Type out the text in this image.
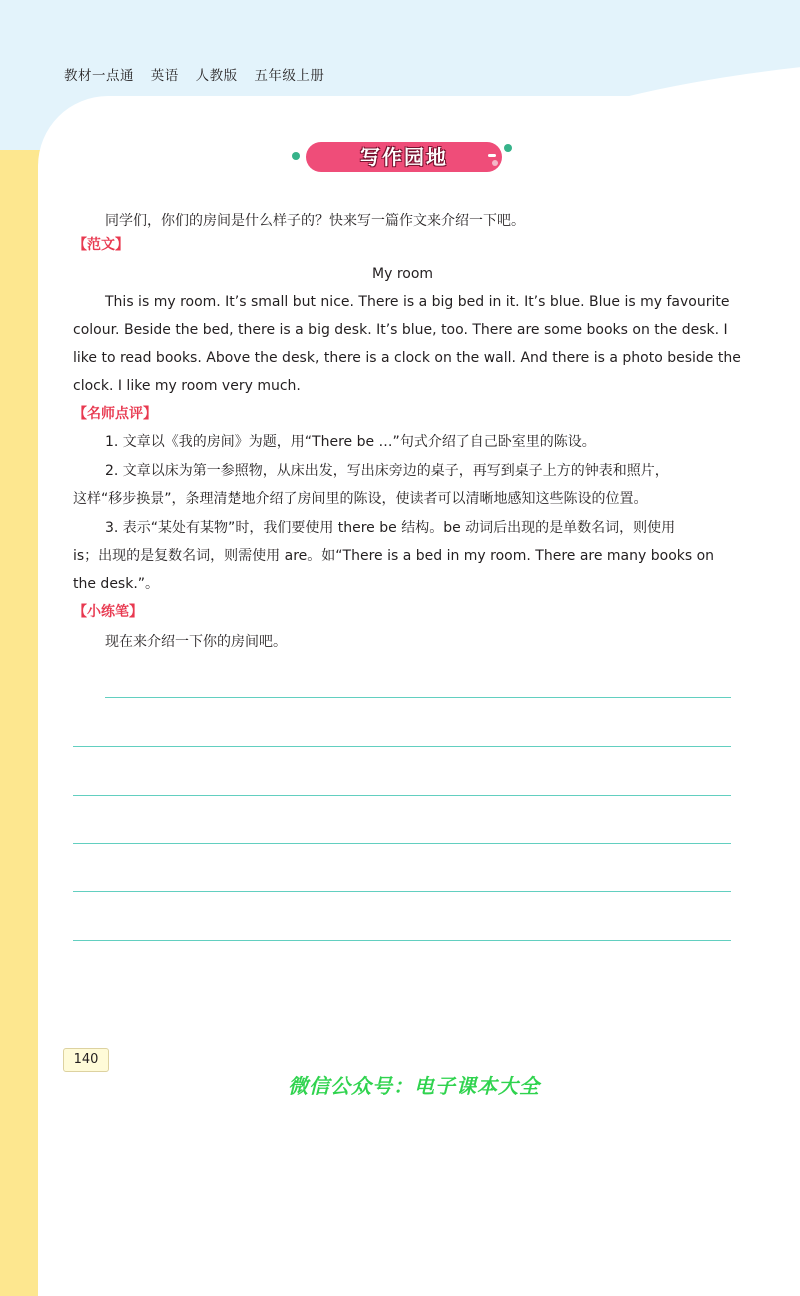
教材一点通 英语 人教版 五年级上册
写作园地
同学们，你们的房间是什么样子的？快来写一篇作文来介绍一下吧。
【范文】
My room
This is my room. It’s small but nice. There is a big bed in it. It’s blue. Blue is my favourite
colour. Beside the bed, there is a big desk. It’s blue, too. There are some books on the desk. I
like to read books. Above the desk, there is a clock on the wall. And there is a photo beside the
clock. I like my room very much.
【名师点评】
1. 文章以《我的房间》为题，用“There be …”句式介绍了自己卧室里的陈设。
2. 文章以床为第一参照物，从床出发，写出床旁边的桌子，再写到桌子上方的钟表和照片，
这样“移步换景”，条理清楚地介绍了房间里的陈设，使读者可以清晰地感知这些陈设的位置。
3. 表示“某处有某物”时，我们要使用 there be 结构。be 动词后出现的是单数名词，则使用
is；出现的是复数名词，则需使用 are。如“There is a bed in my room. There are many books on
the desk.”。
【小练笔】
现在来介绍一下你的房间吧。
140
微信公众号：电子课本大全
